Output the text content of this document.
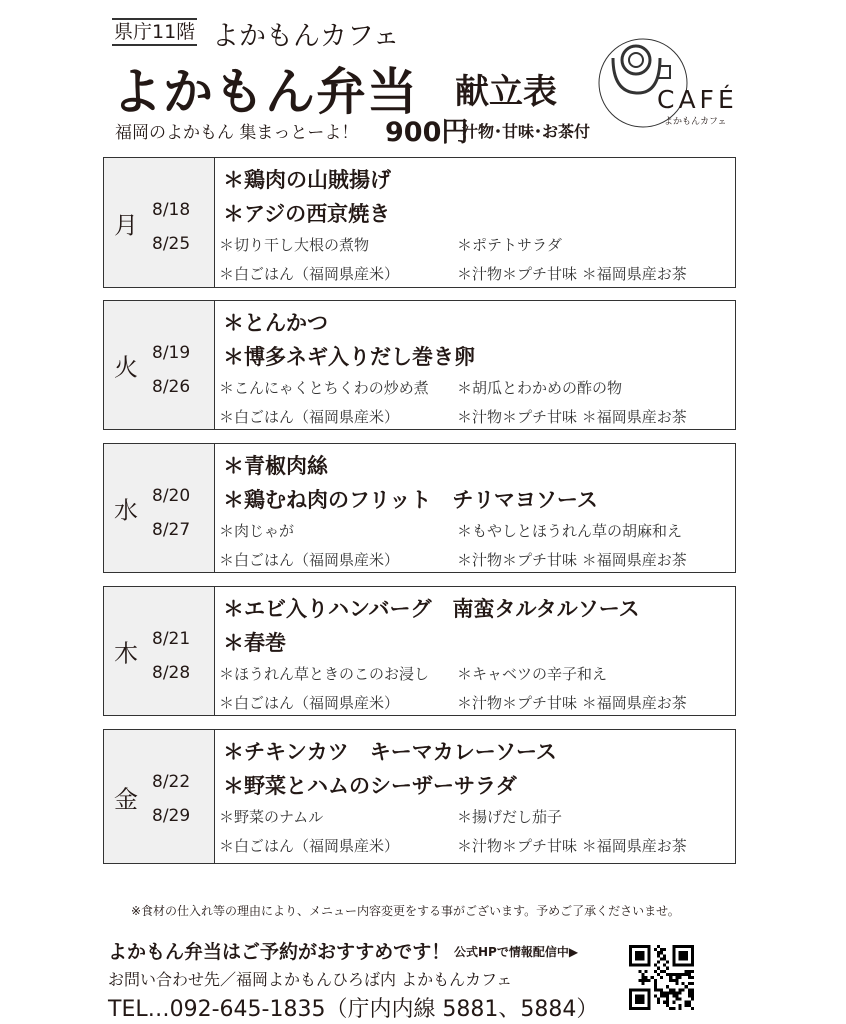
県庁11階 よかもんカフェ
よかもん弁当 献立表
福岡のよかもん 集まっとーよ！ 900円
汁物･甘味･お茶付
CAFÉ
よかもんカフェ
月
8/18
8/25
＊鶏肉の山賊揚げ
＊アジの西京焼き
＊切り干し大根の煮物	＊ポテトサラダ
＊白ごはん（福岡県産米）	＊汁物＊プチ甘味 ＊福岡県産お茶
火
8/19
8/26
＊とんかつ
＊博多ネギ入りだし巻き卵
＊こんにゃくとちくわの炒め煮 ＊胡瓜とわかめの酢の物
＊白ごはん（福岡県産米）	＊汁物＊プチ甘味 ＊福岡県産お茶
水
8/20
8/27
＊青椒肉絲
＊鶏むね肉のフリット　チリマヨソース
＊肉じゃが	＊もやしとほうれん草の胡麻和え
＊白ごはん（福岡県産米）	＊汁物＊プチ甘味 ＊福岡県産お茶
木
8/21
8/28
＊エビ入りハンバーグ　南蛮タルタルソース
＊春巻
＊ほうれん草ときのこのお浸し ＊キャベツの辛子和え
＊白ごはん（福岡県産米）	＊汁物＊プチ甘味 ＊福岡県産お茶
金
8/22
8/29
＊チキンカツ　キーマカレーソース
＊野菜とハムのシーザーサラダ
＊野菜のナムル	＊揚げだし茄子
＊白ごはん（福岡県産米）	＊汁物＊プチ甘味 ＊福岡県産お茶
※食材の仕入れ等の理由により、メニュー内容変更をする事がございます。予めご了承くださいませ。
よかもん弁当はご予約がおすすめです！ 公式HPで情報配信中▶
お問い合わせ先／福岡よかもんひろば内 よかもんカフェ
TEL…092-645-1835（庁内内線 5881、5884）
